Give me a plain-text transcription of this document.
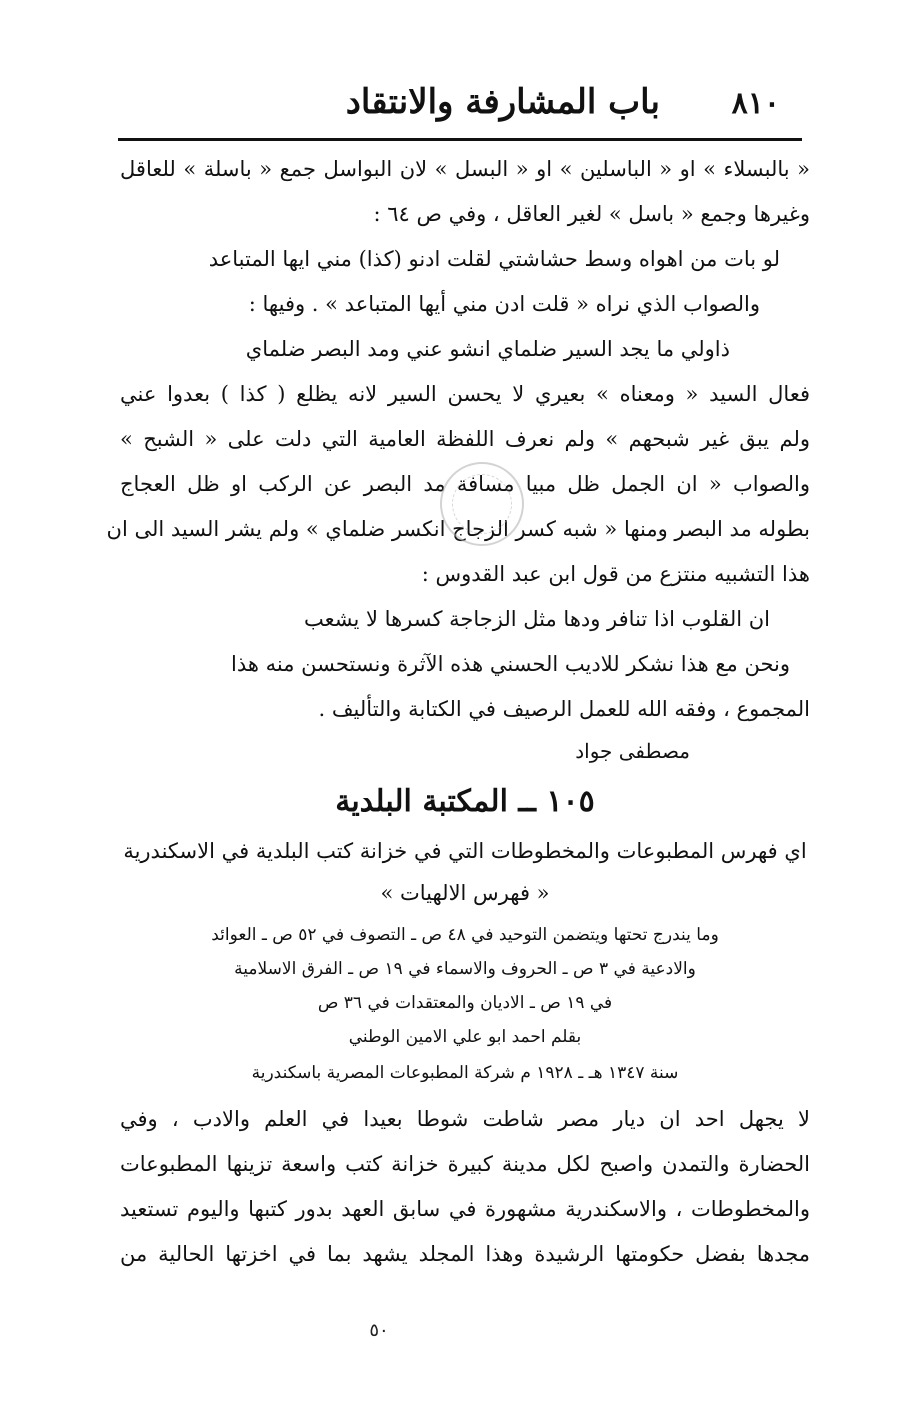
باب المشارفة والانتقاد ٨١٠
« بالبسلاء » او « الباسلين » او « البسل » لان البواسل جمع « باسلة » للعاقل
وغيرها وجمع « باسل » لغير العاقل ، وفي ص ٦٤ :
لو بات من اهواه وسط حشاشتي لقلت ادنو (كذا) مني ايها المتباعد
والصواب الذي نراه « قلت ادن مني أيها المتباعد » . وفيها :
ذاولي ما يجد السير ضلماي انشو عني ومد البصر ضلماي
فعال السيد « ومعناه » بعيري لا يحسن السير لانه يظلع ( كذا ) بعدوا عني
ولم يبق غير شبحهم » ولم نعرف اللفظة العامية التي دلت على « الشبح »
والصواب « ان الجمل ظل مبيا مسافة مد البصر عن الركب او ظل العجاج
بطوله مد البصر ومنها « شبه كسر الزجاج انكسر ضلماي » ولم يشر السيد الى ان
هذا التشبيه منتزع من قول ابن عبد القدوس :
ان القلوب اذا تنافر ودها مثل الزجاجة كسرها لا يشعب
ونحن مع هذا نشكر للاديب الحسني هذه الآثرة ونستحسن منه هذا
المجموع ، وفقه الله للعمل الرصيف في الكتابة والتأليف .
مصطفى جواد
١٠٥ ــ المكتبة البلدية
اي فهرس المطبوعات والمخطوطات التي في خزانة كتب البلدية في الاسكندرية
« فهرس الالهيات »
وما يندرج تحتها ويتضمن التوحيد في ٤٨ ص ـ التصوف في ٥٢ ص ـ العوائد
والادعية في ٣ ص ـ الحروف والاسماء في ١٩ ص ـ الفرق الاسلامية
في ١٩ ص ـ الاديان والمعتقدات في ٣٦ ص
بقلم احمد ابو علي الامين الوطني
سنة ١٣٤٧ هـ ـ ١٩٢٨ م شركة المطبوعات المصرية باسكندرية
لا يجهل احد ان ديار مصر شاطت شوطا بعيدا في العلم والادب ، وفي
الحضارة والتمدن واصبح لكل مدينة كبيرة خزانة كتب واسعة تزينها المطبوعات
والمخطوطات ، والاسكندرية مشهورة في سابق العهد بدور كتبها واليوم تستعيد
مجدها بفضل حكومتها الرشيدة وهذا المجلد يشهد بما في اخزتها الحالية من
٥٠
